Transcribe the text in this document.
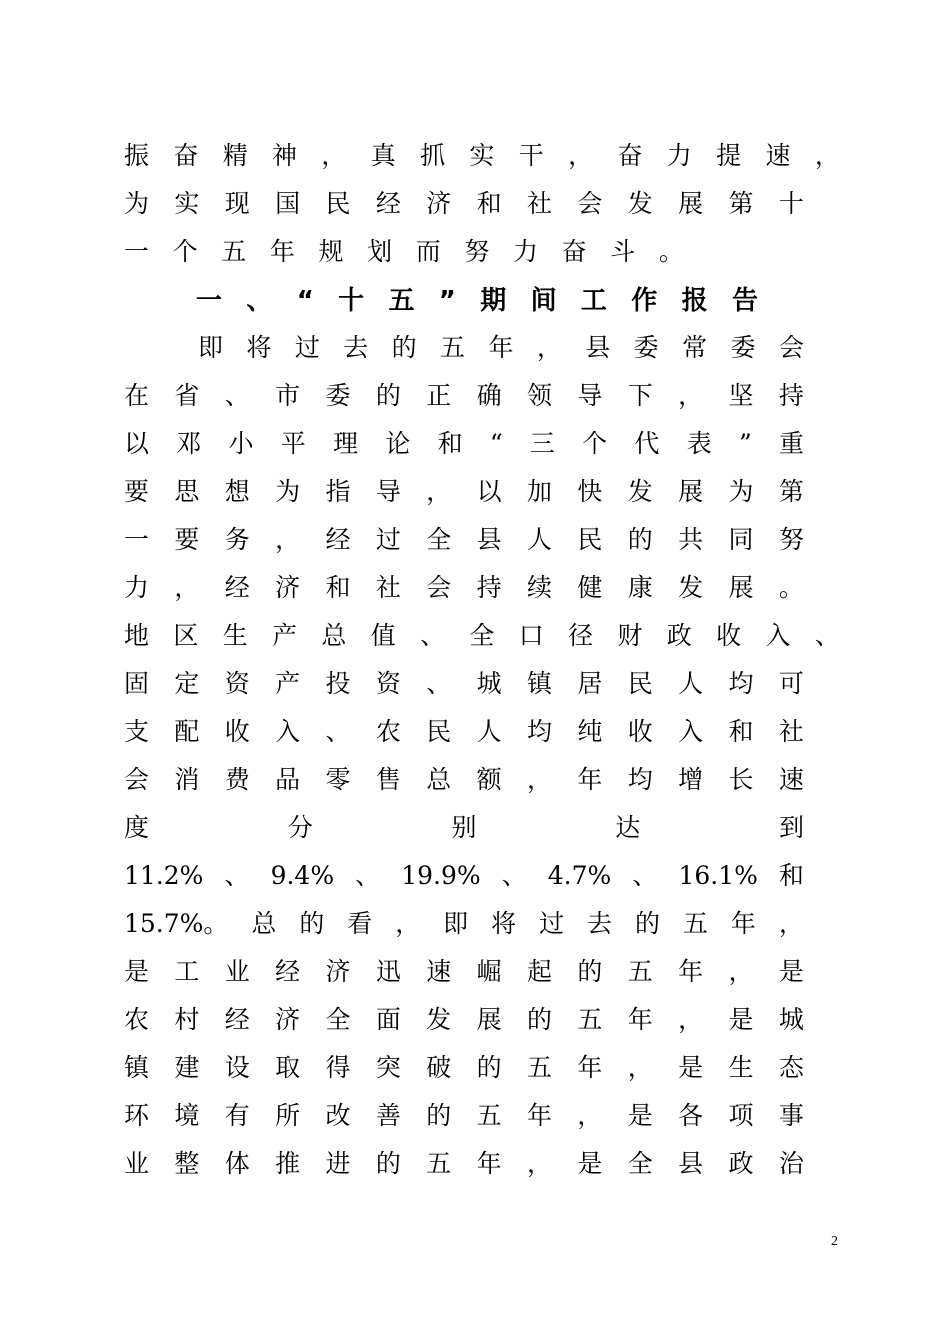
振 奋 精 神 ， 真 抓 实 干 ， 奋 力 提 速 ，
为 实 现 国 民 经 济 和 社 会 发 展 第 十
一 个 五 年 规 划 而 努 力 奋 斗 。
一 、 “ 十 五 ” 期 间 工 作 报 告
即 将 过 去 的 五 年 ， 县 委 常 委 会
在 省 、 市 委 的 正 确 领 导 下 ， 坚 持
以 邓 小 平 理 论 和 “ 三 个 代 表 ” 重
要 思 想 为 指 导 ， 以 加 快 发 展 为 第
一 要 务 ， 经 过 全 县 人 民 的 共 同 努
力 ， 经 济 和 社 会 持 续 健 康 发 展 。
地 区 生 产 总 值 、 全 口 径 财 政 收 入 、
固 定 资 产 投 资 、 城 镇 居 民 人 均 可
支 配 收 入 、 农 民 人 均 纯 收 入 和 社
会 消 费 品 零 售 总 额 ， 年 均 增 长 速
度	分	别	达	到
11.2% 、 9.4% 、 19.9% 、 4.7% 、 16.1% 和
15.7%。 总 的 看 ， 即 将 过 去 的 五 年 ，
是 工 业 经 济 迅 速 崛 起 的 五 年 ， 是
农 村 经 济 全 面 发 展 的 五 年 ， 是 城
镇 建 设 取 得 突 破 的 五 年 ， 是 生 态
环 境 有 所 改 善 的 五 年 ， 是 各 项 事
业 整 体 推 进 的 五 年 ， 是 全 县 政 治
2
